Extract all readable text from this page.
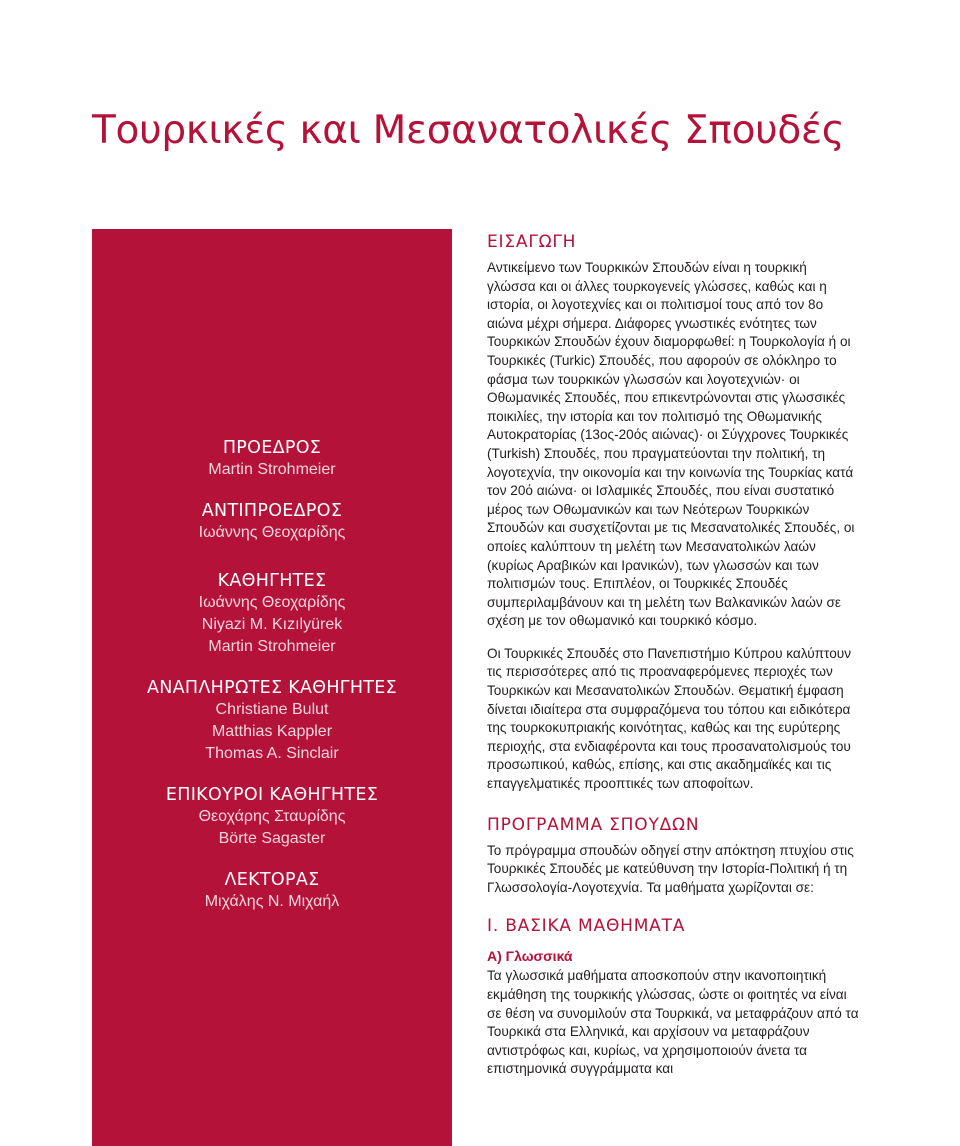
Τουρκικές και Μεσανατολικές Σπουδές
ΠΡΟΕΔΡΟΣ
Martin Strohmeier
ΑΝΤΙΠΡΟΕΔΡΟΣ
Ιωάννης Θεοχαρίδης
ΚΑΘΗΓΗΤΕΣ
Ιωάννης Θεοχαρίδης
Niyazi M. Kızılyürek
Martin Strohmeier
ΑΝΑΠΛΗΡΩΤΕΣ ΚΑΘΗΓΗΤΕΣ
Christiane Bulut
Matthias Kappler
Thomas A. Sinclair
ΕΠΙΚΟΥΡΟΙ ΚΑΘΗΓΗΤΕΣ
Θεοχάρης Σταυρίδης
Börte Sagaster
ΛΕΚΤΟΡΑΣ
Μιχάλης Ν. Μιχαήλ
ΕΙΣΑΓΩΓΗ

Αντικείμενο των Τουρκικών Σπουδών είναι η τουρκική γλώσσα και οι άλλες τουρκογενείς γλώσσες, καθώς και η ιστορία, οι λογοτεχνίες και οι πολιτισμοί τους από τον 8ο αιώνα μέχρι σήμερα. Διάφορες γνωστικές ενότητες των Τουρκικών Σπουδών έχουν διαμορφωθεί: η Τουρκολογία ή οι Τουρκικές (Turkic) Σπουδές, που αφορούν σε ολόκληρο το φάσμα των τουρκικών γλωσσών και λογοτεχνιών· οι Οθωμανικές Σπουδές, που επικεντρώνονται στις γλωσσικές ποικιλίες, την ιστορία και τον πολιτισμό της Οθωμανικής Αυτοκρατορίας (13ος-20ός αιώνας)· οι Σύγχρονες Τουρκικές (Turkish) Σπουδές, που πραγματεύονται την πολιτική, τη λογοτεχνία, την οικονομία και την κοινωνία της Τουρκίας κατά τον 20ό αιώνα· οι Ισλαμικές Σπουδές, που είναι συστατικό μέρος των Οθωμανικών και των Νεότερων Τουρκικών Σπουδών και συσχετίζονται με τις Μεσανατολικές Σπουδές, οι οποίες καλύπτουν τη μελέτη των Μεσανατολικών λαών (κυρίως Αραβικών και Ιρανικών), των γλωσσών και των πολιτισμών τους. Επιπλέον, οι Τουρκικές Σπουδές συμπεριλαμβάνουν και τη μελέτη των Βαλκανικών λαών σε σχέση με τον οθωμανικό και τουρκικό κόσμο.

Οι Τουρκικές Σπουδές στο Πανεπιστήμιο Κύπρου καλύπτουν τις περισσότερες από τις προαναφερόμενες περιοχές των Τουρκικών και Μεσανατολικών Σπουδών. Θεματική έμφαση δίνεται ιδιαίτερα στα συμφραζόμενα του τόπου και ειδικότερα της τουρκοκυπριακής κοινότητας, καθώς και της ευρύτερης περιοχής, στα ενδιαφέροντα και τους προσανατολισμούς του προσωπικού, καθώς, επίσης, και στις ακαδημαϊκές και τις επαγγελματικές προοπτικές των αποφοίτων.

ΠΡΟΓΡΑΜΜΑ ΣΠΟΥΔΩΝ

Το πρόγραμμα σπουδών οδηγεί στην απόκτηση πτυχίου στις Τουρκικές Σπουδές με κατεύθυνση την Ιστορία-Πολιτική ή τη Γλωσσολογία-Λογοτεχνία. Τα μαθήματα χωρίζονται σε:

Ι. ΒΑΣΙΚΑ ΜΑΘΗΜΑΤΑ
Α) Γλωσσικά

Τα γλωσσικά μαθήματα αποσκοπούν στην ικανοποιητική εκμάθηση της τουρκικής γλώσσας, ώστε οι φοιτητές να είναι σε θέση να συνομιλούν στα Τουρκικά, να μεταφράζουν από τα Τουρκικά στα Ελληνικά, και αρχίσουν να μεταφράζουν αντιστρόφως και, κυρίως, να χρησιμοποιούν άνετα τα επιστημονικά συγγράμματα και
